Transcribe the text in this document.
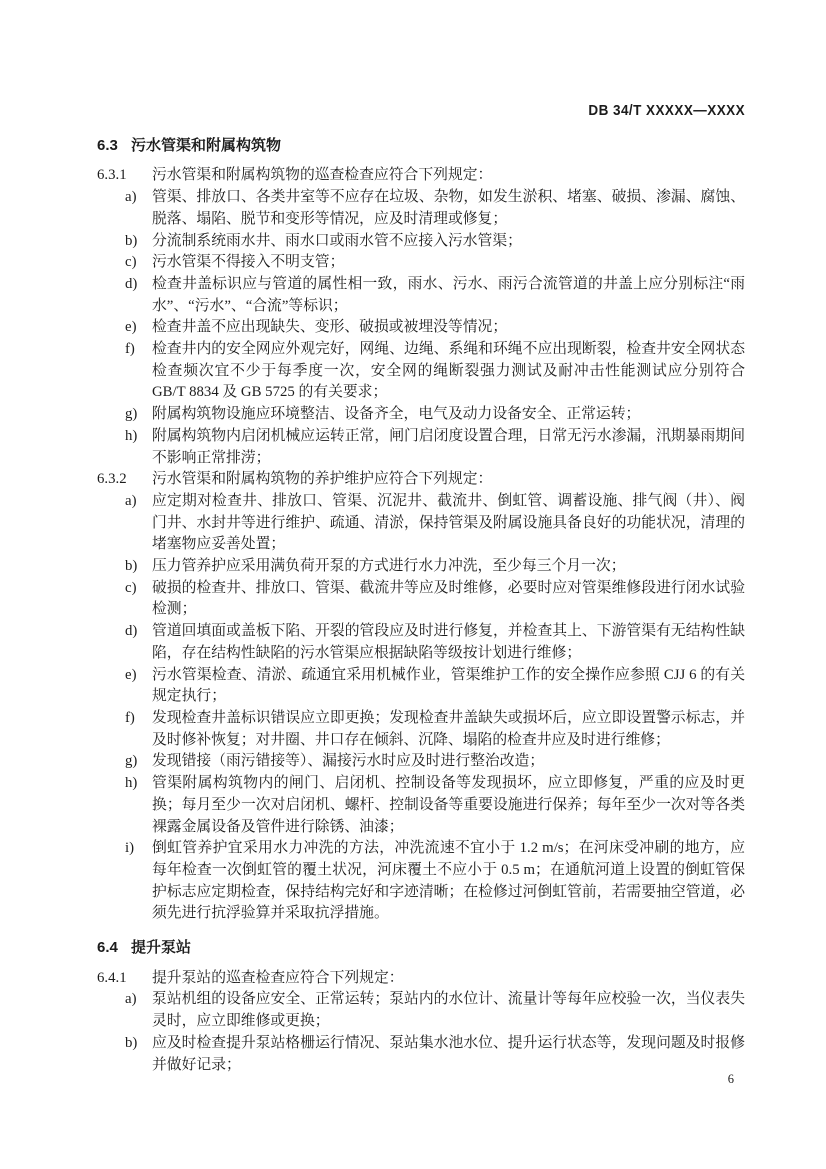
DB 34/T XXXXX—XXXX
6.3 污水管渠和附属构筑物
6.3.1 污水管渠和附属构筑物的巡查检查应符合下列规定：
a) 管渠、排放口、各类井室等不应存在垃圾、杂物，如发生淤积、堵塞、破损、渗漏、腐蚀、脱落、塌陷、脱节和变形等情况，应及时清理或修复；
b) 分流制系统雨水井、雨水口或雨水管不应接入污水管渠；
c) 污水管渠不得接入不明支管；
d) 检查井盖标识应与管道的属性相一致，雨水、污水、雨污合流管道的井盖上应分别标注“雨水”、“污水”、“合流”等标识；
e) 检查井盖不应出现缺失、变形、破损或被埋没等情况；
f) 检查井内的安全网应外观完好，网绳、边绳、系绳和环绳不应出现断裂，检查井安全网状态检查频次宜不少于每季度一次，安全网的绳断裂强力测试及耐冲击性能测试应分别符合 GB/T 8834 及 GB 5725 的有关要求；
g) 附属构筑物设施应环境整洁、设备齐全，电气及动力设备安全、正常运转；
h) 附属构筑物内启闭机械应运转正常，闸门启闭度设置合理，日常无污水渗漏，汛期暴雨期间不影响正常排涝；
6.3.2 污水管渠和附属构筑物的养护维护应符合下列规定：
a) 应定期对检查井、排放口、管渠、沉泥井、截流井、倒虹管、调蓄设施、排气阀（井）、阀门井、水封井等进行维护、疏通、清淤，保持管渠及附属设施具备良好的功能状况，清理的堵塞物应妥善处置；
b) 压力管养护应采用满负荷开泵的方式进行水力冲洗，至少每三个月一次；
c) 破损的检查井、排放口、管渠、截流井等应及时维修，必要时应对管渠维修段进行闭水试验检测；
d) 管道回填面或盖板下陷、开裂的管段应及时进行修复，并检查其上、下游管渠有无结构性缺陷，存在结构性缺陷的污水管渠应根据缺陷等级按计划进行维修；
e) 污水管渠检查、清淤、疏通宜采用机械作业，管渠维护工作的安全操作应参照 CJJ 6 的有关规定执行；
f) 发现检查井盖标识错误应立即更换；发现检查井盖缺失或损坏后，应立即设置警示标志，并及时修补恢复；对井圈、井口存在倾斜、沉降、塌陷的检查井应及时进行维修；
g) 发现错接（雨污错接等）、漏接污水时应及时进行整治改造；
h) 管渠附属构筑物内的闸门、启闭机、控制设备等发现损坏，应立即修复，严重的应及时更换；每月至少一次对启闭机、螺杆、控制设备等重要设施进行保养；每年至少一次对等各类裸露金属设备及管件进行除锈、油漆；
i) 倒虹管养护宜采用水力冲洗的方法，冲洗流速不宜小于 1.2 m/s；在河床受冲刷的地方，应每年检查一次倒虹管的覆土状况，河床覆土不应小于 0.5 m；在通航河道上设置的倒虹管保护标志应定期检查，保持结构完好和字迹清晰；在检修过河倒虹管前，若需要抽空管道，必须先进行抗浮验算并采取抗浮措施。
6.4 提升泵站
6.4.1 提升泵站的巡查检查应符合下列规定：
a) 泵站机组的设备应安全、正常运转；泵站内的水位计、流量计等每年应校验一次，当仪表失灵时，应立即维修或更换；
b) 应及时检查提升泵站格栅运行情况、泵站集水池水位、提升运行状态等，发现问题及时报修并做好记录；
6
